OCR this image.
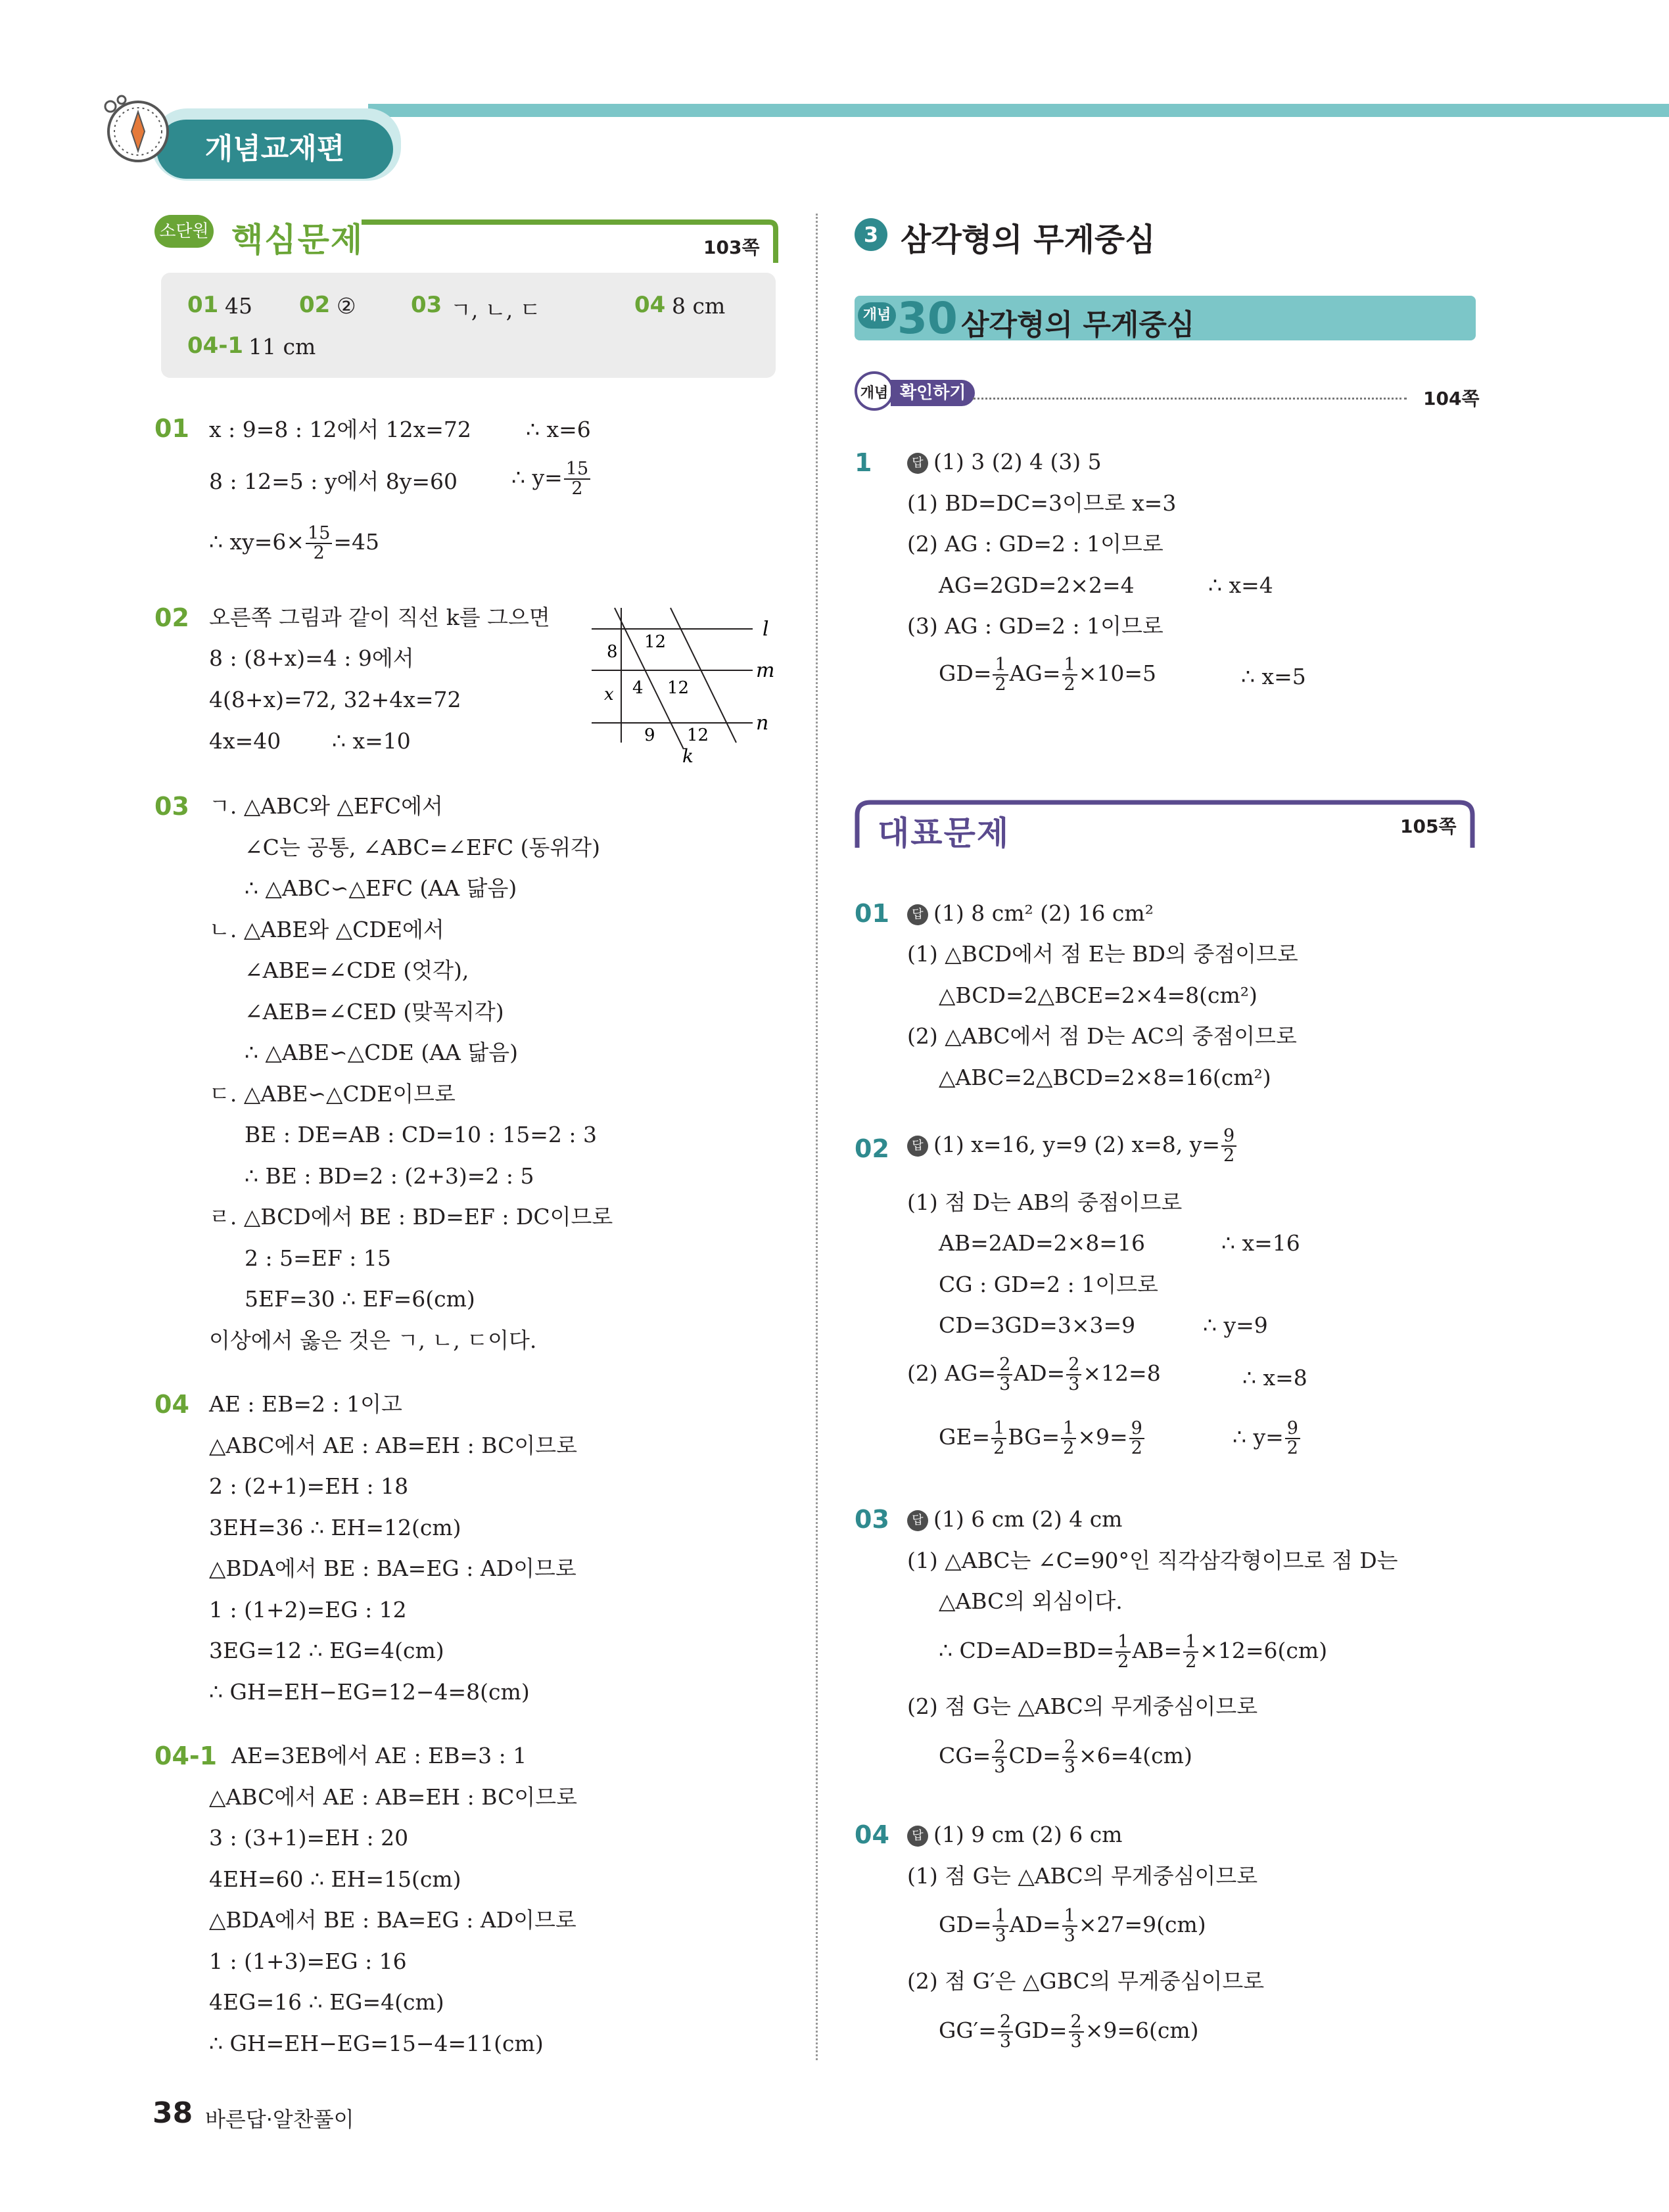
개념교재편
소단원 핵심문제	103쪽
01 45 02 ② 03 ㄱ, ㄴ, ㄷ	04 8 cm
04-1 11 cm
01 x : 9=8 : 12에서 12x=72	∴ x=6
8 : 12=5 : y에서 8y=60 ∴ $y= \frac{15}{2}$
∴ $xy=6\times \frac{15}{2} =45$
02 오른쪽 그림과 같이 직선 k를 그으면
8 : (8+x)=4 : 9에서
4(8+x)=72, 32+4x=72
4x=40 ∴ x=10
l
m
n
k
8 12
x 4 12
9 12
03 ㄱ. △ABC와 △EFC에서
∠C는 공통, ∠ABC=∠EFC (동위각)
∴ △ABC∽△EFC (AA 닮음)
ㄴ. △ABE와 △CDE에서
∠ABE=∠CDE (엇각),
∠AEB=∠CED (맞꼭지각)
∴ △ABE∽△CDE (AA 닮음)
ㄷ. △ABE∽△CDE이므로
BE : DE=AB : CD=10 : 15=2 : 3
∴ BE : BD=2 : (2+3)=2 : 5
ㄹ. △BCD에서 BE : BD=EF : DC이므로
2 : 5=EF : 15
5EF=30 ∴ EF=6(cm)
이상에서 옳은 것은 ㄱ, ㄴ, ㄷ이다.
04 AE : EB=2 : 1이고
△ABC에서 AE : AB=EH : BC이므로
2 : (2+1)=EH : 18
3EH=36 ∴ EH=12(cm)
△BDA에서 BE : BA=EG : AD이므로
1 : (1+2)=EG : 12
3EG=12 ∴ EG=4(cm)
∴ GH=EH−EG=12−4=8(cm)
04-1 AE=3EB에서 AE : EB=3 : 1
△ABC에서 AE : AB=EH : BC이므로
3 : (3+1)=EH : 20
4EH=60 ∴ EH=15(cm)
△BDA에서 BE : BA=EG : AD이므로
1 : (1+3)=EG : 16
4EG=16 ∴ EG=4(cm)
∴ GH=EH−EG=15−4=11(cm)
3 삼각형의 무게중심
개념 30 삼각형의 무게중심
개념 확인하기	104쪽
1	답 (1) 3 (2) 4 (3) 5
(1) BD=DC=3이므로 x=3
(2) AG : GD=2 : 1이므로
AG=2GD=2×2=4	∴ x=4
(3) AG : GD=2 : 1이므로
$GD= \frac{1}{2} AG= \frac{1}{2} \times 10=5$	∴ x=5
대표문제	105쪽
01	답 (1) 8 cm² (2) 16 cm²
(1) △BCD에서 점 E는 BD의 중점이므로
△BCD=2△BCE=2×4=8(cm²)
(2) △ABC에서 점 D는 AC의 중점이므로
△ABC=2△BCD=2×8=16(cm²)
02	답 (1) x=16, y=9 (2) x=8, $y= \frac{9}{2}$
(1) 점 D는 AB의 중점이므로
AB=2AD=2×8=16	∴ x=16
CG : GD=2 : 1이므로
CD=3GD=3×3=9	∴ y=9
(2) $AG= \frac{2}{3} AD= \frac{2}{3} \times 12=8$	∴ x=8
$GE= \frac{1}{2} BG= \frac{1}{2} \times 9= \frac{9}{2}$	∴ $y= \frac{9}{2}$
03	답 (1) 6 cm (2) 4 cm
(1) △ABC는 ∠C=90°인 직각삼각형이므로 점 D는
△ABC의 외심이다.
∴ $CD=AD=BD= \frac{1}{2} AB= \frac{1}{2} \times 12=6(cm)$
(2) 점 G는 △ABC의 무게중심이므로
$CG= \frac{2}{3} CD= \frac{2}{3} \times 6=4(cm)$
04	답 (1) 9 cm (2) 6 cm
(1) 점 G는 △ABC의 무게중심이므로
$GD= \frac{1}{3} AD= \frac{1}{3} \times 27=9(cm)$
(2) 점 G′은 △GBC의 무게중심이므로
$GG'= \frac{2}{3} GD= \frac{2}{3} \times 9=6(cm)$
38 바른답·알찬풀이
